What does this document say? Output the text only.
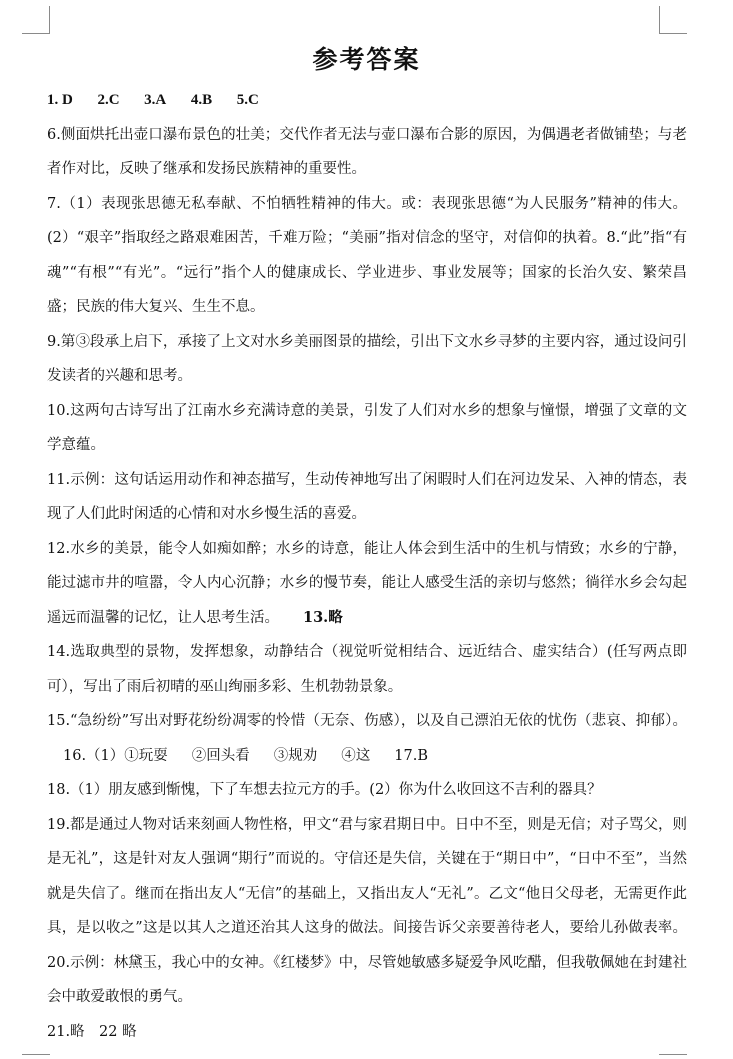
参考答案

1. D 2.C 3.A 4.B 5.C

6.侧面烘托出壶口瀑布景色的壮美；交代作者无法与壶口瀑布合影的原因，为偶遇老者做铺垫；与老者作对比，反映了继承和发扬民族精神的重要性。

7.（1）表现张思德无私奉献、不怕牺牲精神的伟大。或：表现张思德“为人民服务”精神的伟大。(2）“艰辛”指取经之路艰难困苦，千难万险；“美丽”指对信念的坚守，对信仰的执着。8.“此”指“有魂”“有根”“有光”。“远行”指个人的健康成长、学业进步、事业发展等；国家的长治久安、繁荣昌盛；民族的伟大复兴、生生不息。

9.第③段承上启下，承接了上文对水乡美丽图景的描绘，引出下文水乡寻梦的主要内容，通过设问引发读者的兴趣和思考。

10.这两句古诗写出了江南水乡充满诗意的美景，引发了人们对水乡的想象与憧憬，增强了文章的文学意蕴。

11.示例：这句话运用动作和神态描写，生动传神地写出了闲暇时人们在河边发呆、入神的情态，表现了人们此时闲适的心情和对水乡慢生活的喜爱。

12.水乡的美景，能令人如痴如醉；水乡的诗意，能让人体会到生活中的生机与情致；水乡的宁静，能过滤市井的喧嚣，令人内心沉静；水乡的慢节奏，能让人感受生活的亲切与悠然；徜徉水乡会勾起遥远而温馨的记忆，让人思考生活。 13.略

14.选取典型的景物，发挥想象，动静结合（视觉听觉相结合、远近结合、虚实结合）(任写两点即可），写出了雨后初晴的巫山绚丽多彩、生机勃勃景象。

15.“急纷纷”写出对野花纷纷凋零的怜惜（无奈、伤感），以及自己漂泊无依的忧伤（悲哀、抑郁）。16.（1）①玩耍 ②回头看 ③规劝 ④这 17.B

18.（1）朋友感到惭愧，下了车想去拉元方的手。(2）你为什么收回这不吉利的器具？

19.都是通过人物对话来刻画人物性格，甲文“君与家君期日中。日中不至，则是无信；对子骂父，则是无礼”，这是针对友人强调“期行”而说的。守信还是失信，关键在于“期日中”，“日中不至”，当然就是失信了。继而在指出友人“无信”的基础上，又指出友人“无礼”。乙文“他日父母老，无需更作此具，是以收之”这是以其人之道还治其人这身的做法。间接告诉父亲要善待老人，要给儿孙做表率。20.示例：林黛玉，我心中的女神。《红楼梦》中，尽管她敏感多疑爱争风吃醋，但我敬佩她在封建社会中敢爱敢恨的勇气。

21.略　22 略
